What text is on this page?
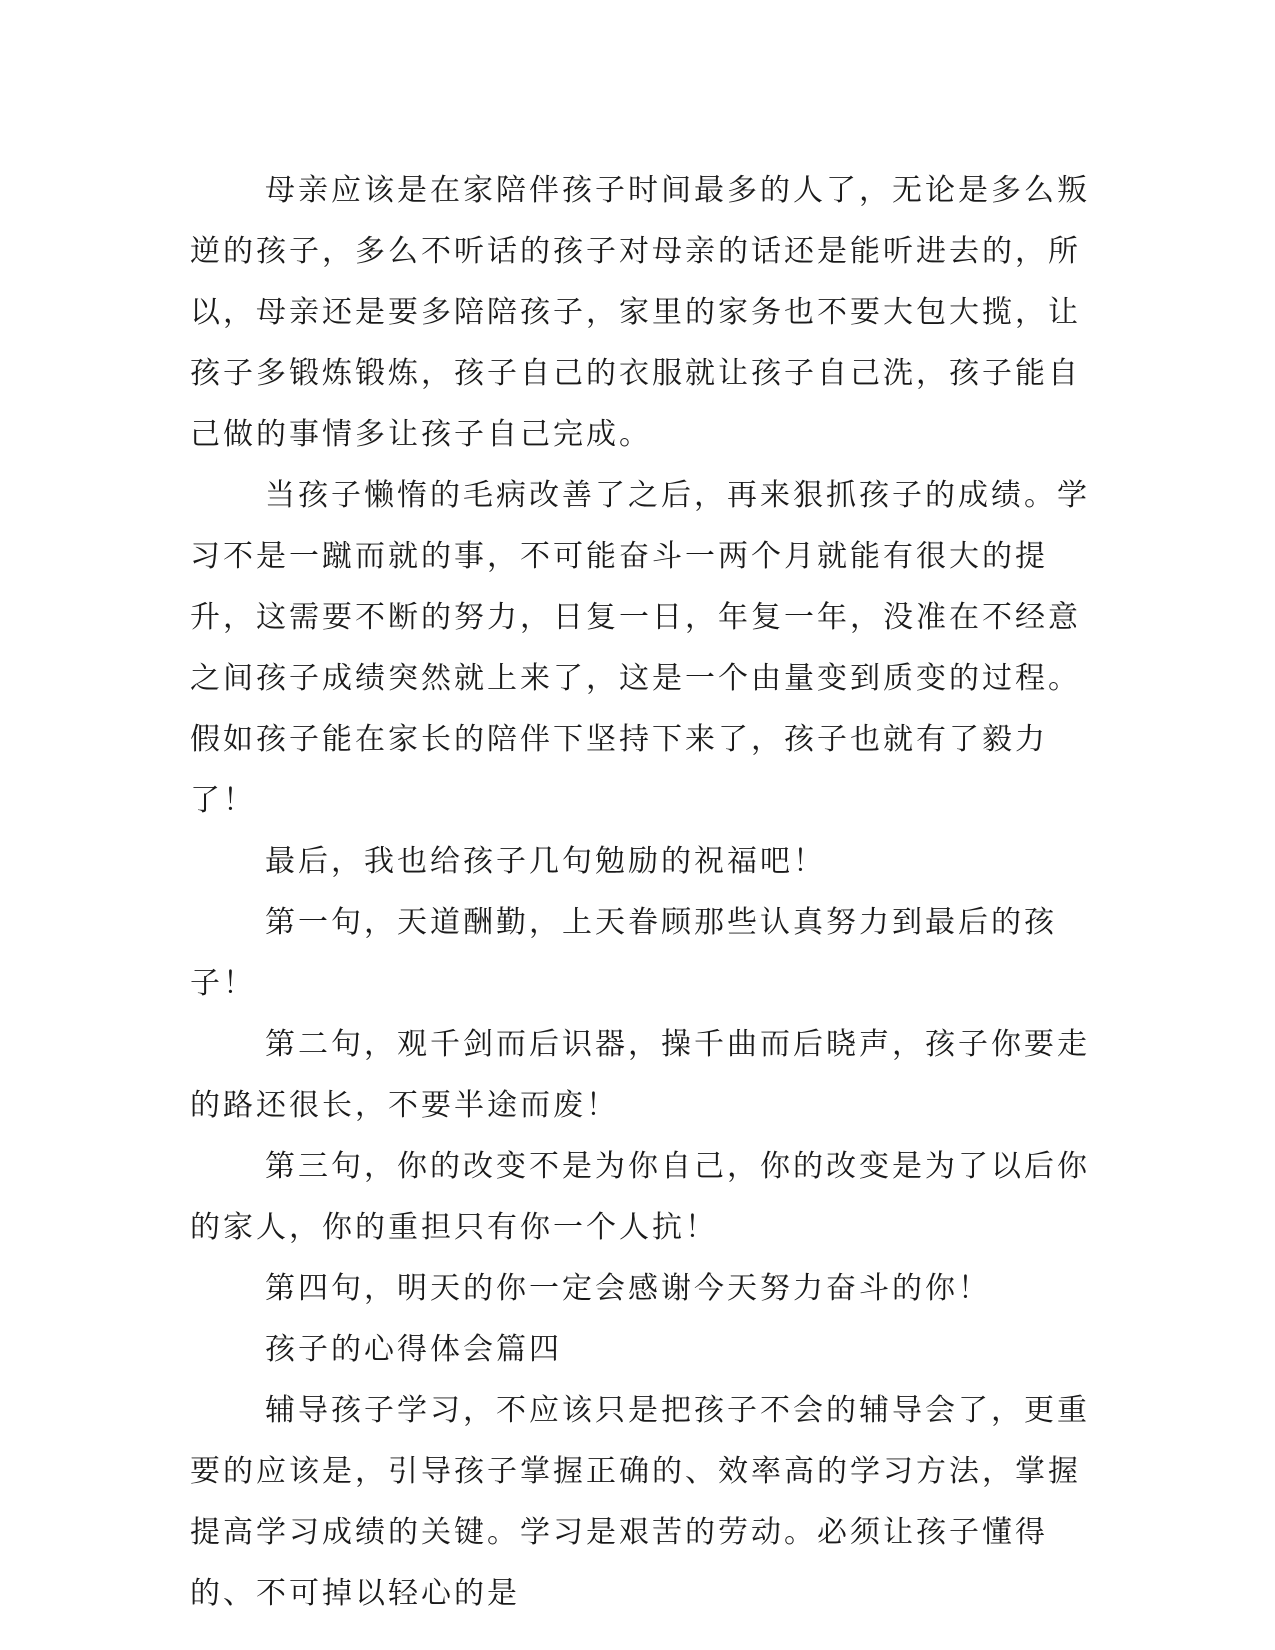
母亲应该是在家陪伴孩子时间最多的人了，无论是多么叛逆的孩子，多么不听话的孩子对母亲的话还是能听进去的，所以，母亲还是要多陪陪孩子，家里的家务也不要大包大揽，让孩子多锻炼锻炼，孩子自己的衣服就让孩子自己洗，孩子能自己做的事情多让孩子自己完成。

当孩子懒惰的毛病改善了之后，再来狠抓孩子的成绩。学习不是一蹴而就的事，不可能奋斗一两个月就能有很大的提升，这需要不断的努力，日复一日，年复一年，没准在不经意之间孩子成绩突然就上来了，这是一个由量变到质变的过程。假如孩子能在家长的陪伴下坚持下来了，孩子也就有了毅力了！

最后，我也给孩子几句勉励的祝福吧！

第一句，天道酬勤，上天眷顾那些认真努力到最后的孩子！

第二句，观千剑而后识器，操千曲而后晓声，孩子你要走的路还很长，不要半途而废！

第三句，你的改变不是为你自己，你的改变是为了以后你的家人，你的重担只有你一个人抗！

第四句，明天的你一定会感谢今天努力奋斗的你！

孩子的心得体会篇四

辅导孩子学习，不应该只是把孩子不会的辅导会了，更重要的应该是，引导孩子掌握正确的、效率高的学习方法，掌握提高学习成绩的关键。学习是艰苦的劳动。必须让孩子懂得的、不可掉以轻心的是
